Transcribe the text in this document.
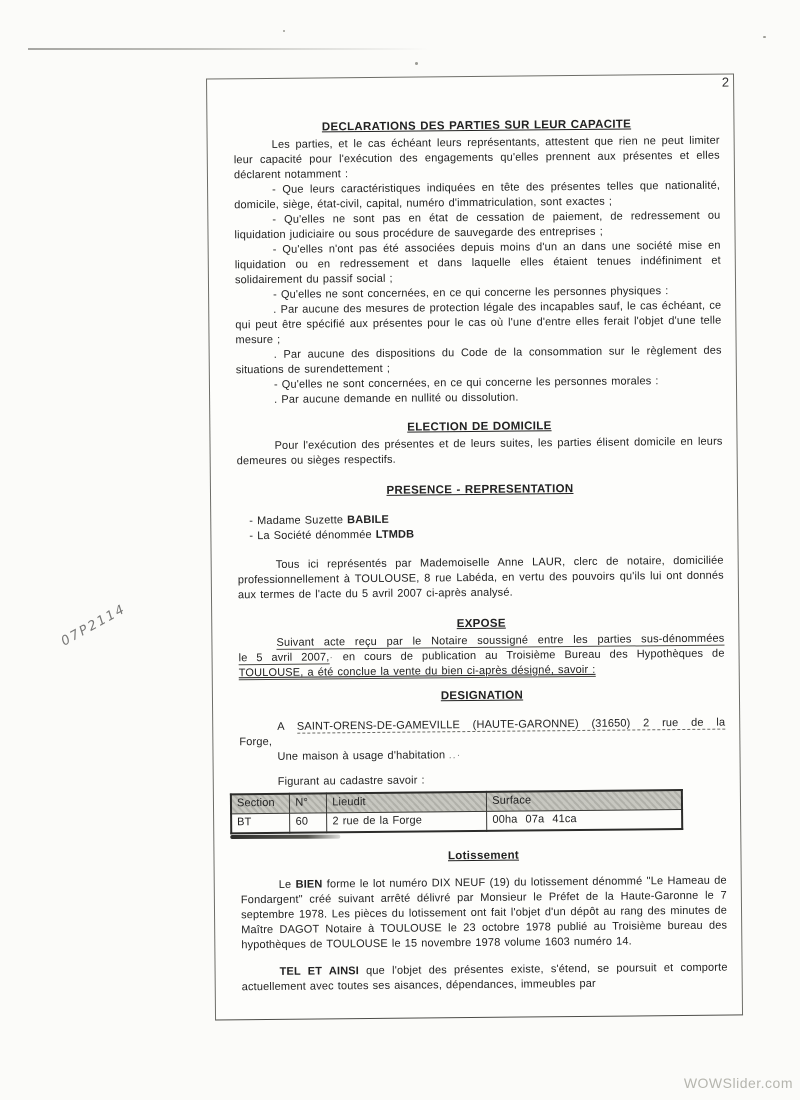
07P2114
2
DECLARATIONS DES PARTIES SUR LEUR CAPACITE

Les parties, et le cas échéant leurs représentants, attestent que rien ne peut limiter leur capacité pour l'exécution des engagements qu'elles prennent aux présentes et elles déclarent notamment :

- Que leurs caractéristiques indiquées en tête des présentes telles que nationalité, domicile, siège, état-civil, capital, numéro d'immatriculation, sont exactes ;

- Qu'elles ne sont pas en état de cessation de paiement, de redressement ou liquidation judiciaire ou sous procédure de sauvegarde des entreprises ;

- Qu'elles n'ont pas été associées depuis moins d'un an dans une société mise en liquidation ou en redressement et dans laquelle elles étaient tenues indéfiniment et solidairement du passif social ;

- Qu'elles ne sont concernées, en ce qui concerne les personnes physiques :

. Par aucune des mesures de protection légale des incapables sauf, le cas échéant, ce qui peut être spécifié aux présentes pour le cas où l'une d'entre elles ferait l'objet d'une telle mesure ;

. Par aucune des dispositions du Code de la consommation sur le règlement des situations de surendettement ;

- Qu'elles ne sont concernées, en ce qui concerne les personnes morales :

. Par aucune demande en nullité ou dissolution.

ELECTION DE DOMICILE

Pour l'exécution des présentes et de leurs suites, les parties élisent domicile en leurs demeures ou sièges respectifs.

PRESENCE - REPRESENTATION

- Madame Suzette BABILE

- La Société dénommée LTMDB

Tous ici représentés par Mademoiselle Anne LAUR, clerc de notaire, domiciliée professionnellement à TOULOUSE, 8 rue Labéda, en vertu des pouvoirs qu'ils lui ont donnés aux termes de l'acte du 5 avril 2007 ci-après analysé.

EXPOSE
Suivant acte reçu par le Notaire soussigné entre les parties sus-dénommées
le 5 avril 2007,· en cours de publication au Troisième Bureau des Hypothèques de
TOULOUSE, a été conclue la vente du bien ci-après désigné, savoir :
DESIGNATION
A SAINT-ORENS-DE-GAMEVILLE (HAUTE-GARONNE) (31650) 2 rue de la
Forge,
Une maison à usage d'habitation ..·
Figurant au cadastre savoir :
Section	N°	Lieudit	Surface
BT	60	2 rue de la Forge	00ha  07a  41ca
Lotissement

Le BIEN forme le lot numéro DIX NEUF (19) du lotissement dénommé "Le Hameau de Fondargent" créé suivant arrêté délivré par Monsieur le Préfet de la Haute-Garonne le 7 septembre 1978. Les pièces du lotissement ont fait l'objet d'un dépôt au rang des minutes de Maître DAGOT Notaire à TOULOUSE le 23 octobre 1978 publié au Troisième bureau des hypothèques de TOULOUSE le 15 novembre 1978 volume 1603 numéro 14.

TEL ET AINSI que l'objet des présentes existe, s'étend, se poursuit et comporte actuellement avec toutes ses aisances, dépendances, immeubles par

WOWSlider.com
